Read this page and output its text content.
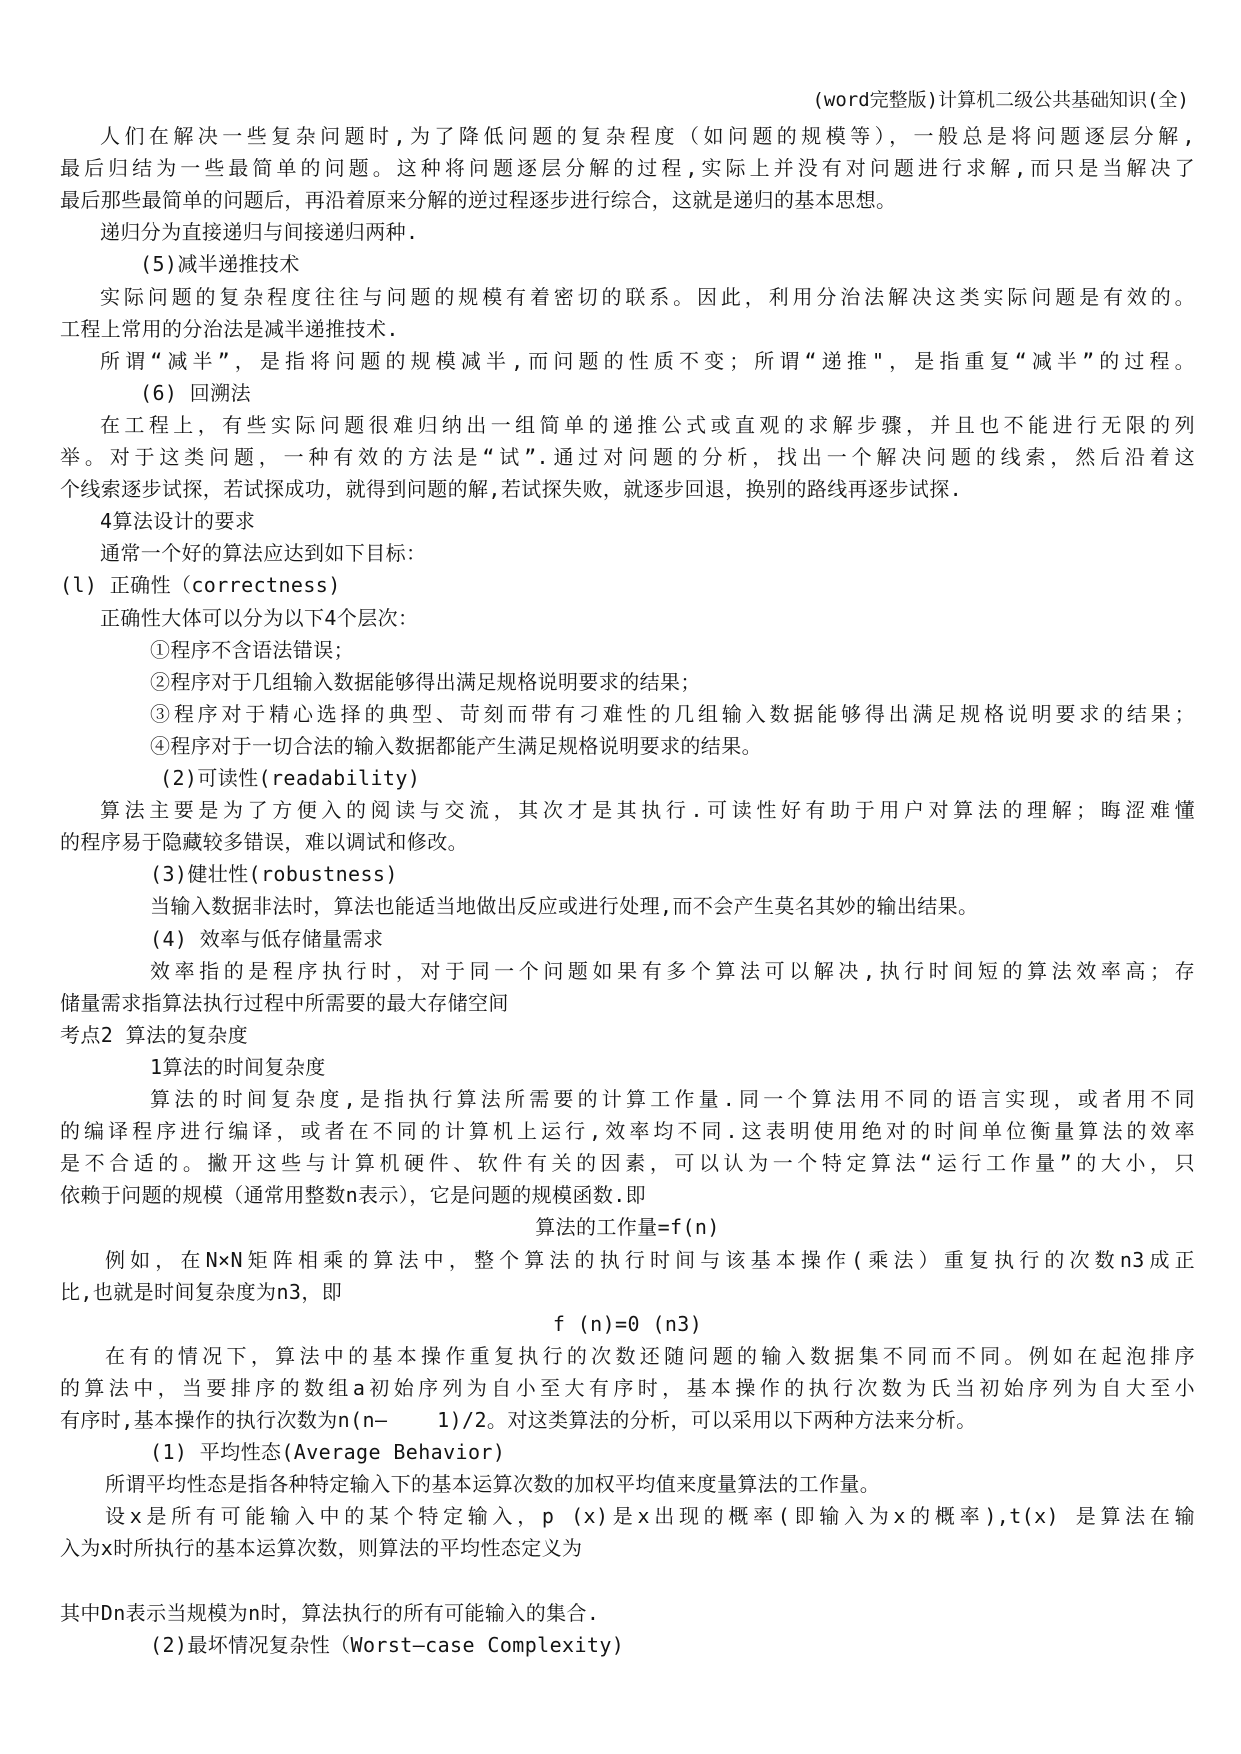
(word完整版)计算机二级公共基础知识(全)
人们在解决一些复杂问题时,为了降低问题的复杂程度（如问题的规模等），一般总是将问题逐层分解,
最后归结为一些最简单的问题。这种将问题逐层分解的过程,实际上并没有对问题进行求解,而只是当解决了
最后那些最简单的问题后，再沿着原来分解的逆过程逐步进行综合，这就是递归的基本思想。
递归分为直接递归与间接递归两种.
(5)减半递推技术
实际问题的复杂程度往往与问题的规模有着密切的联系。因此，利用分治法解决这类实际问题是有效的。
工程上常用的分治法是减半递推技术.
所谓“减半”，是指将问题的规模减半,而问题的性质不变；所谓“递推"，是指重复“减半”的过程。
(6) 回溯法
在工程上，有些实际问题很难归纳出一组简单的递推公式或直观的求解步骤，并且也不能进行无限的列
举。对于这类问题，一种有效的方法是“试”.通过对问题的分析，找出一个解决问题的线索，然后沿着这
个线索逐步试探，若试探成功，就得到问题的解,若试探失败，就逐步回退，换别的路线再逐步试探.
4算法设计的要求
通常一个好的算法应达到如下目标：
(l) 正确性（correctness)
正确性大体可以分为以下4个层次：
①程序不含语法错误；
②程序对于几组输入数据能够得出满足规格说明要求的结果；
③程序对于精心选择的典型、苛刻而带有刁难性的几组输入数据能够得出满足规格说明要求的结果；
④程序对于一切合法的输入数据都能产生满足规格说明要求的结果。
(2)可读性(readability)
算法主要是为了方便入的阅读与交流，其次才是其执行.可读性好有助于用户对算法的理解；晦涩难懂
的程序易于隐藏较多错误，难以调试和修改。
(3)健壮性(robustness)
当输入数据非法时，算法也能适当地做出反应或进行处理,而不会产生莫名其妙的输出结果。
(4) 效率与低存储量需求
效率指的是程序执行时，对于同一个问题如果有多个算法可以解决,执行时间短的算法效率高；存
储量需求指算法执行过程中所需要的最大存储空间
考点2 算法的复杂度
1算法的时间复杂度
算法的时间复杂度,是指执行算法所需要的计算工作量.同一个算法用不同的语言实现，或者用不同
的编译程序进行编译，或者在不同的计算机上运行,效率均不同.这表明使用绝对的时间单位衡量算法的效率
是不合适的。撇开这些与计算机硬件、软件有关的因素，可以认为一个特定算法“运行工作量”的大小，只
依赖于问题的规模（通常用整数n表示），它是问题的规模函数.即
算法的工作量=f(n)
例如，在N×N矩阵相乘的算法中，整个算法的执行时间与该基本操作(乘法）重复执行的次数n3成正
比,也就是时间复杂度为n3，即
f (n)=0 (n3)
在有的情况下，算法中的基本操作重复执行的次数还随问题的输入数据集不同而不同。例如在起泡排序
的算法中，当要排序的数组a初始序列为自小至大有序时，基本操作的执行次数为氏当初始序列为自大至小
有序时,基本操作的执行次数为n(n—    1)/2。对这类算法的分析，可以采用以下两种方法来分析。
(1) 平均性态(Average Behavior)
所谓平均性态是指各种特定输入下的基本运算次数的加权平均值来度量算法的工作量。
设x是所有可能输入中的某个特定输入，p (x)是x出现的概率(即输入为x的概率),t(x) 是算法在输
入为x时所执行的基本运算次数，则算法的平均性态定义为
其中Dn表示当规模为n时，算法执行的所有可能输入的集合.
(2)最坏情况复杂性（Worst—case Complexity)
